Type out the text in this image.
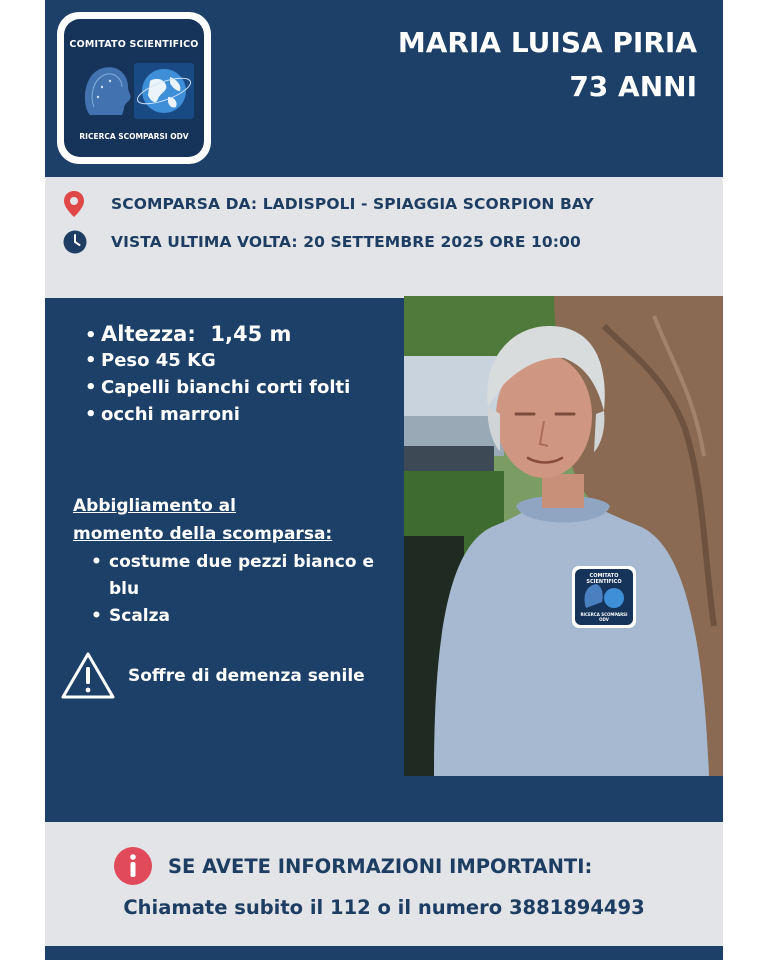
COMITATO SCIENTIFICO
RICERCA SCOMPARSI ODV
MARIA LUISA PIRIA
73 ANNI
SCOMPARSA DA: LADISPOLI - SPIAGGIA SCORPION BAY
VISTA ULTIMA VOLTA: 20 SETTEMBRE 2025 ORE 10:00
• Altezza:  1,45 m
• Peso 45 KG
• Capelli bianchi corti folti
• occhi marroni
Abbigliamento al
momento della scomparsa:
• costume due pezzi bianco e blu
• Scalza
Soffre di demenza senile
COMITATO SCIENTIFICO
RICERCA SCOMPARSI ODV
SE AVETE INFORMAZIONI IMPORTANTI:
Chiamate subito il 112 o il numero 3881894493
